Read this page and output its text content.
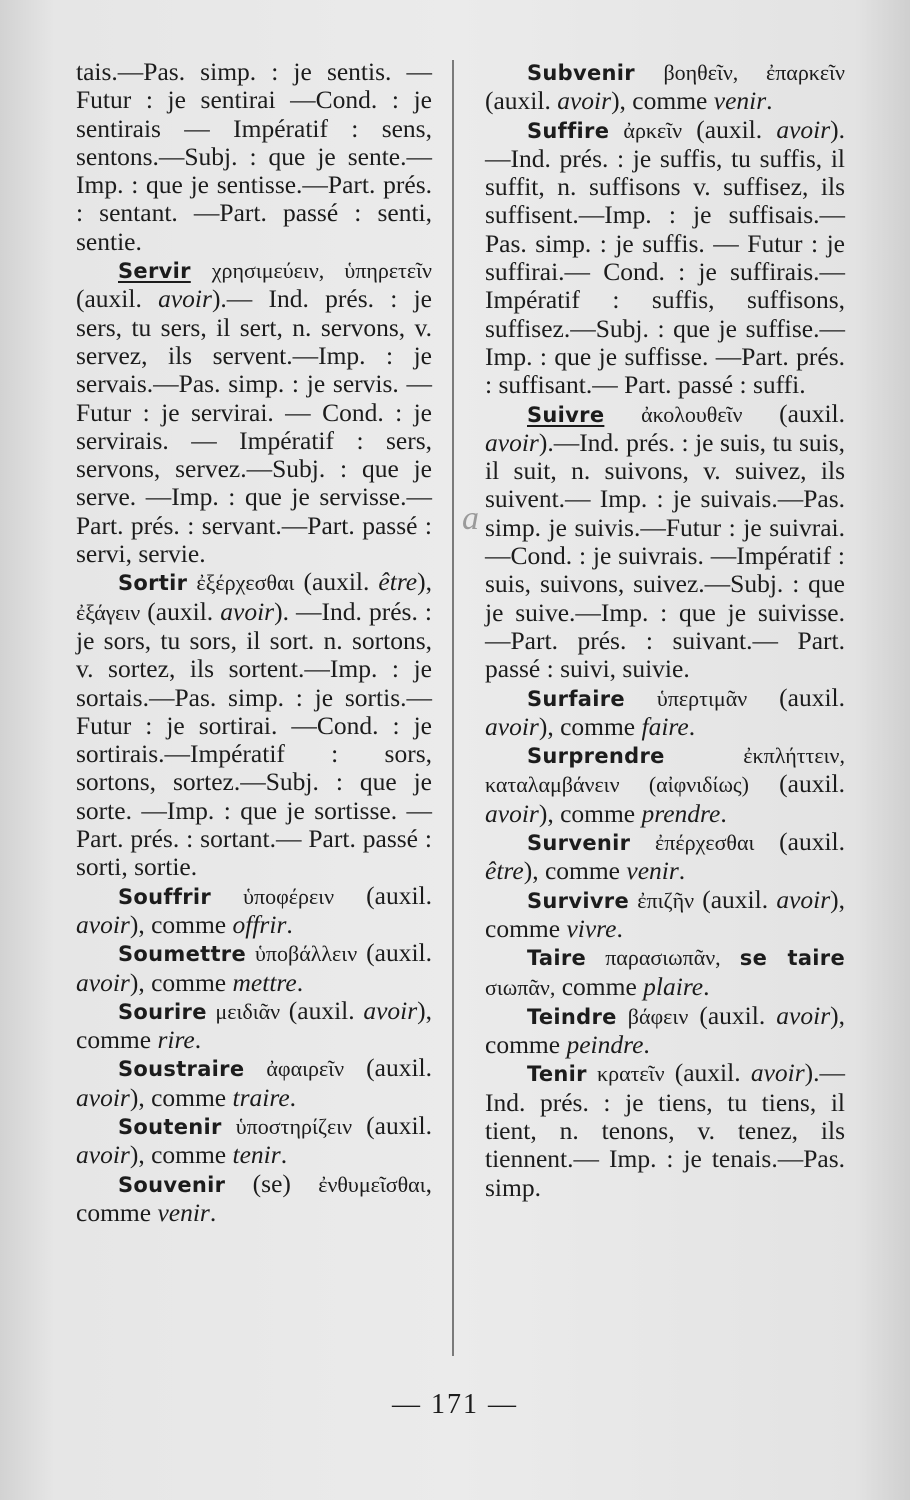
tais.—Pas. simp. : je sentis. —Futur : je sentirai —Cond. : je sentirais — Impératif : sens, sentons.—Subj. : que je sente.—Imp. : que je sentisse.—Part. prés. : sentant. —Part. passé : senti, sentie.
Servir χρησιμεύειν, ὑπηρετεῖν (auxil. avoir).— Ind. prés. : je sers, tu sers, il sert, n. servons, v. servez, ils servent.—Imp. : je servais.—Pas. simp. : je servis. — Futur : je servirai. — Cond. : je servirais. — Impératif : sers, servons, servez.—Subj. : que je serve. —Imp. : que je servisse.— Part. prés. : servant.—Part. passé : servi, servie.
Sortir ἐξέρχεσθαι (auxil. être), ἐξάγειν (auxil. avoir). —Ind. prés. : je sors, tu sors, il sort. n. sortons, v. sortez, ils sortent.—Imp. : je sortais.—Pas. simp. : je sortis.—Futur : je sortirai. —Cond. : je sortirais.—Impératif : sors, sortons, sortez.—Subj. : que je sorte. —Imp. : que je sortisse. —Part. prés. : sortant.— Part. passé : sorti, sortie.
Souffrir ὑποφέρειν (auxil. avoir), comme offrir.
Soumettre ὑποβάλλειν (auxil. avoir), comme mettre.
Sourire μειδιᾶν (auxil. avoir), comme rire.
Soustraire ἀφαιρεῖν (auxil. avoir), comme traire.
Soutenir ὑποστηρίζειν (auxil. avoir), comme tenir.
Souvenir (se) ἐνθυμεῖσθαι, comme venir.
a
Subvenir βοηθεῖν, ἐπαρκεῖν (auxil. avoir), comme venir.
Suffire ἀρκεῖν (auxil. avoir).—Ind. prés. : je suffis, tu suffis, il suffit, n. suffisons v. suffisez, ils suffisent.—Imp. : je suffisais.—Pas. simp. : je suffis. — Futur : je suffirai.— Cond. : je suffirais.—Impératif : suffis, suffisons, suffisez.—Subj. : que je suffise.—Imp. : que je suffisse. —Part. prés. : suffisant.— Part. passé : suffi.
Suivre ἀκολουθεῖν (auxil. avoir).—Ind. prés. : je suis, tu suis, il suit, n. suivons, v. suivez, ils suivent.— Imp. : je suivais.—Pas. simp. je suivis.—Futur : je suivrai.—Cond. : je suivrais. —Impératif : suis, suivons, suivez.—Subj. : que je suive.—Imp. : que je suivisse. —Part. prés. : suivant.— Part. passé : suivi, suivie.
Surfaire ὑπερτιμᾶν (auxil. avoir), comme faire.
Surprendre	ἐκπλήττειν, καταλαμβάνειν (αἰφνιδίως) (auxil. avoir), comme prendre.
Survenir ἐπέρχεσθαι (auxil. être), comme venir.
Survivre ἐπιζῆν (auxil. avoir), comme vivre.
Taire παρασιωπᾶν, se taire σιωπᾶν, comme plaire.
Teindre βάφειν (auxil. avoir), comme peindre.
Tenir κρατεῖν (auxil. avoir).—Ind. prés. : je tiens, tu tiens, il tient, n. tenons, v. tenez, ils tiennent.— Imp. : je tenais.—Pas. simp.
— 171 —
